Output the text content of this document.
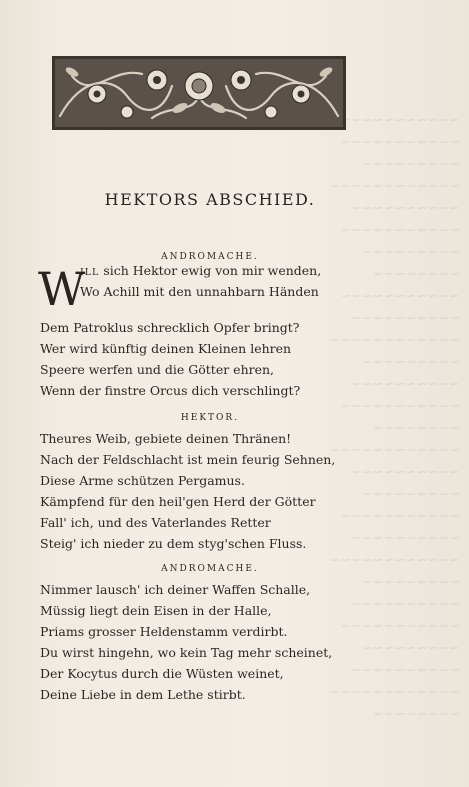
~~~~~~~~~~~~
~~~~~~~~~~~
~~~~~~~~~
~~~~~~~~~~~~
~~~~~~~~~~
~~~~~~~~~~~
~~~~~~~~~
~~~~~~~~
~~~~~~~~~~~
~~~~~~~~~~
~~~~~~~~~~~~
~~~~~~~~~
~~~~~~~~~~
~~~~~~~~~~~
~~~~~~~~
~~~~~~~~~~~~
~~~~~~~~~~
~~~~~~~~~
~~~~~~~~~~~
~~~~~~~~~~
~~~~~~~~~~~~
~~~~~~~~~
~~~~~~~~~~
~~~~~~~~~~~
~~~~~~~~~
~~~~~~~~~~
~~~~~~~~~~~~
~~~~~~~~
HEKTORS ABSCHIED.
ANDROMACHE.
W
ILL sich Hektor ewig von mir wenden,
Wo Achill mit den unnahbarn Händen
Dem Patroklus schrecklich Opfer bringt?
Wer wird künftig deinen Kleinen lehren
Speere werfen und die Götter ehren,
Wenn der finstre Orcus dich verschlingt?
HEKTOR.
Theures Weib, gebiete deinen Thränen!
Nach der Feldschlacht ist mein feurig Sehnen,
Diese Arme schützen Pergamus.
Kämpfend für den heil'gen Herd der Götter
Fall' ich, und des Vaterlandes Retter
Steig' ich nieder zu dem styg'schen Fluss.
ANDROMACHE.
Nimmer lausch' ich deiner Waffen Schalle,
Müssig liegt dein Eisen in der Halle,
Priams grosser Heldenstamm verdirbt.
Du wirst hingehn, wo kein Tag mehr scheinet,
Der Kocytus durch die Wüsten weinet,
Deine Liebe in dem Lethe stirbt.
